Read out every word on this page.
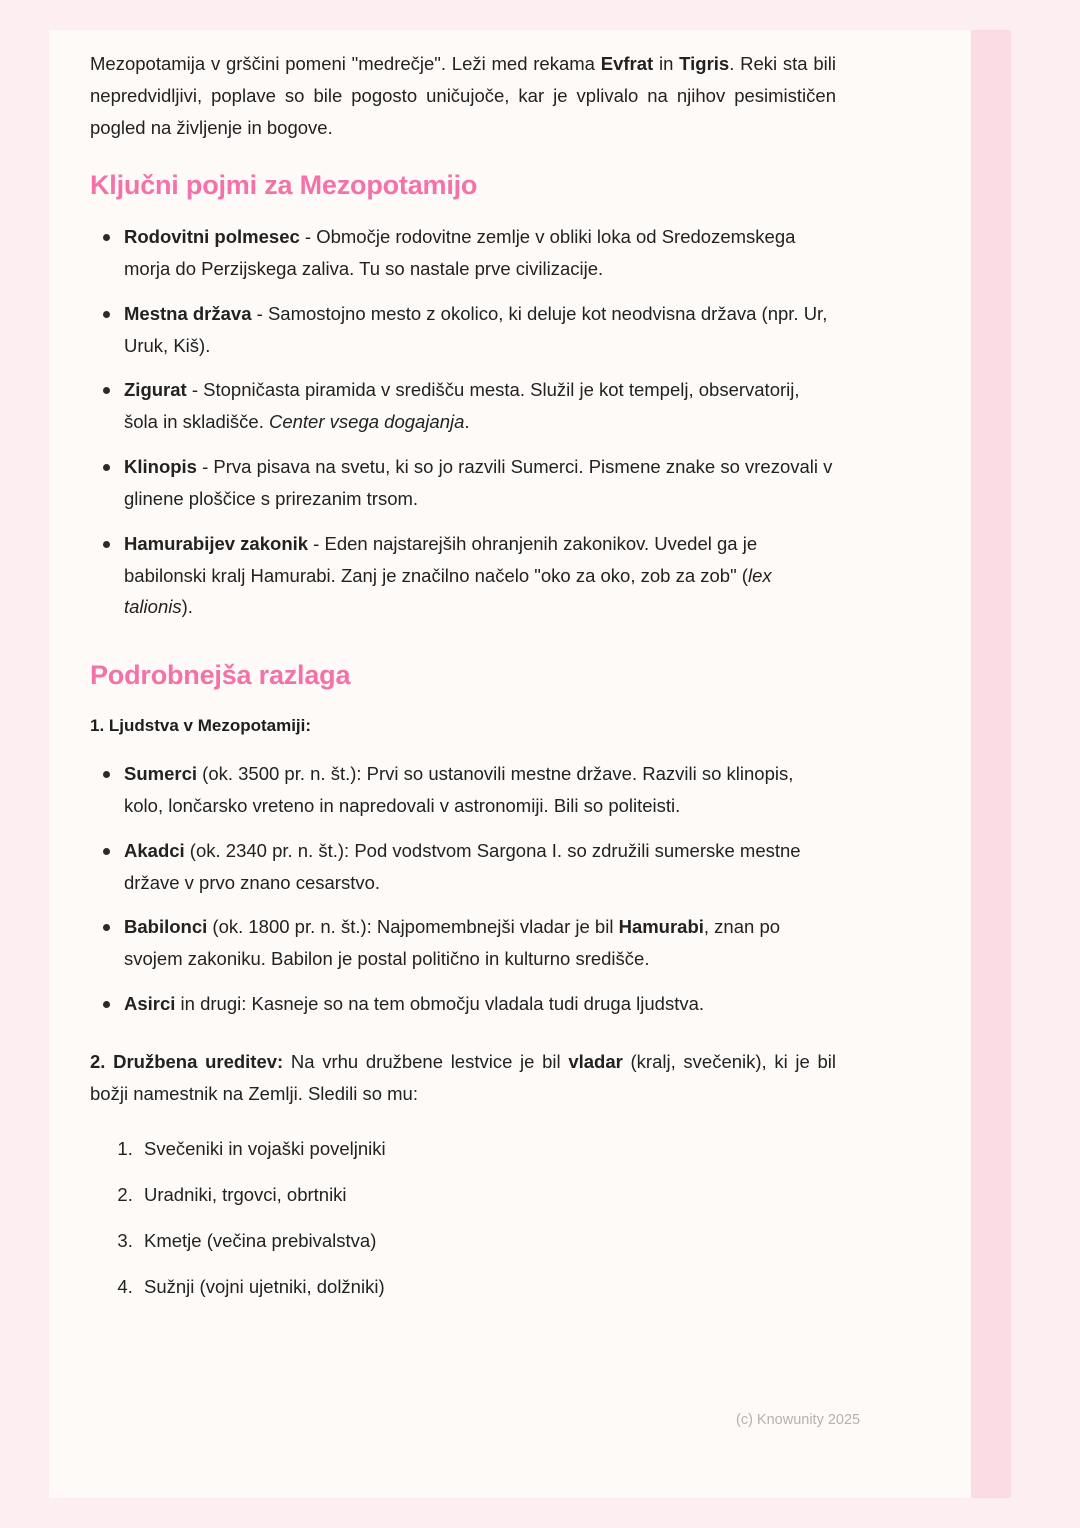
Mezopotamija v grščini pomeni "medrečje". Leži med rekama Evfrat in Tigris. Reki sta bili nepredvidljivi, poplave so bile pogosto uničujoče, kar je vplivalo na njihov pesimističen pogled na življenje in bogove.

Ključni pojmi za Mezopotamijo
Rodovitni polmesec - Območje rodovitne zemlje v obliki loka od Sredozemskega morja do Perzijskega zaliva. Tu so nastale prve civilizacije.
Mestna država - Samostojno mesto z okolico, ki deluje kot neodvisna država (npr. Ur, Uruk, Kiš).
Zigurat - Stopničasta piramida v središču mesta. Služil je kot tempelj, observatorij, šola in skladišče. Center vsega dogajanja.
Klinopis - Prva pisava na svetu, ki so jo razvili Sumerci. Pismene znake so vrezovali v glinene ploščice s prirezanim trsom.
Hamurabijev zakonik - Eden najstarejših ohranjenih zakonikov. Uvedel ga je babilonski kralj Hamurabi. Zanj je značilno načelo "oko za oko, zob za zob" (lex talionis).
Podrobnejša razlaga

1. Ljudstva v Mezopotamiji:

Sumerci (ok. 3500 pr. n. št.): Prvi so ustanovili mestne države. Razvili so klinopis, kolo, lončarsko vreteno in napredovali v astronomiji. Bili so politeisti.
Akadci (ok. 2340 pr. n. št.): Pod vodstvom Sargona I. so združili sumerske mestne države v prvo znano cesarstvo.
Babilonci (ok. 1800 pr. n. št.): Najpomembnejši vladar je bil Hamurabi, znan po svojem zakoniku. Babilon je postal politično in kulturno središče.
Asirci in drugi: Kasneje so na tem območju vladala tudi druga ljudstva.

2. Družbena ureditev: Na vrhu družbene lestvice je bil vladar (kralj, svečenik), ki je bil božji namestnik na Zemlji. Sledili so mu:

1. Svečeniki in vojaški poveljniki
2. Uradniki, trgovci, obrtniki
3. Kmetje (večina prebivalstva)
4. Sužnji (vojni ujetniki, dolžniki)
(c) Knowunity 2025
